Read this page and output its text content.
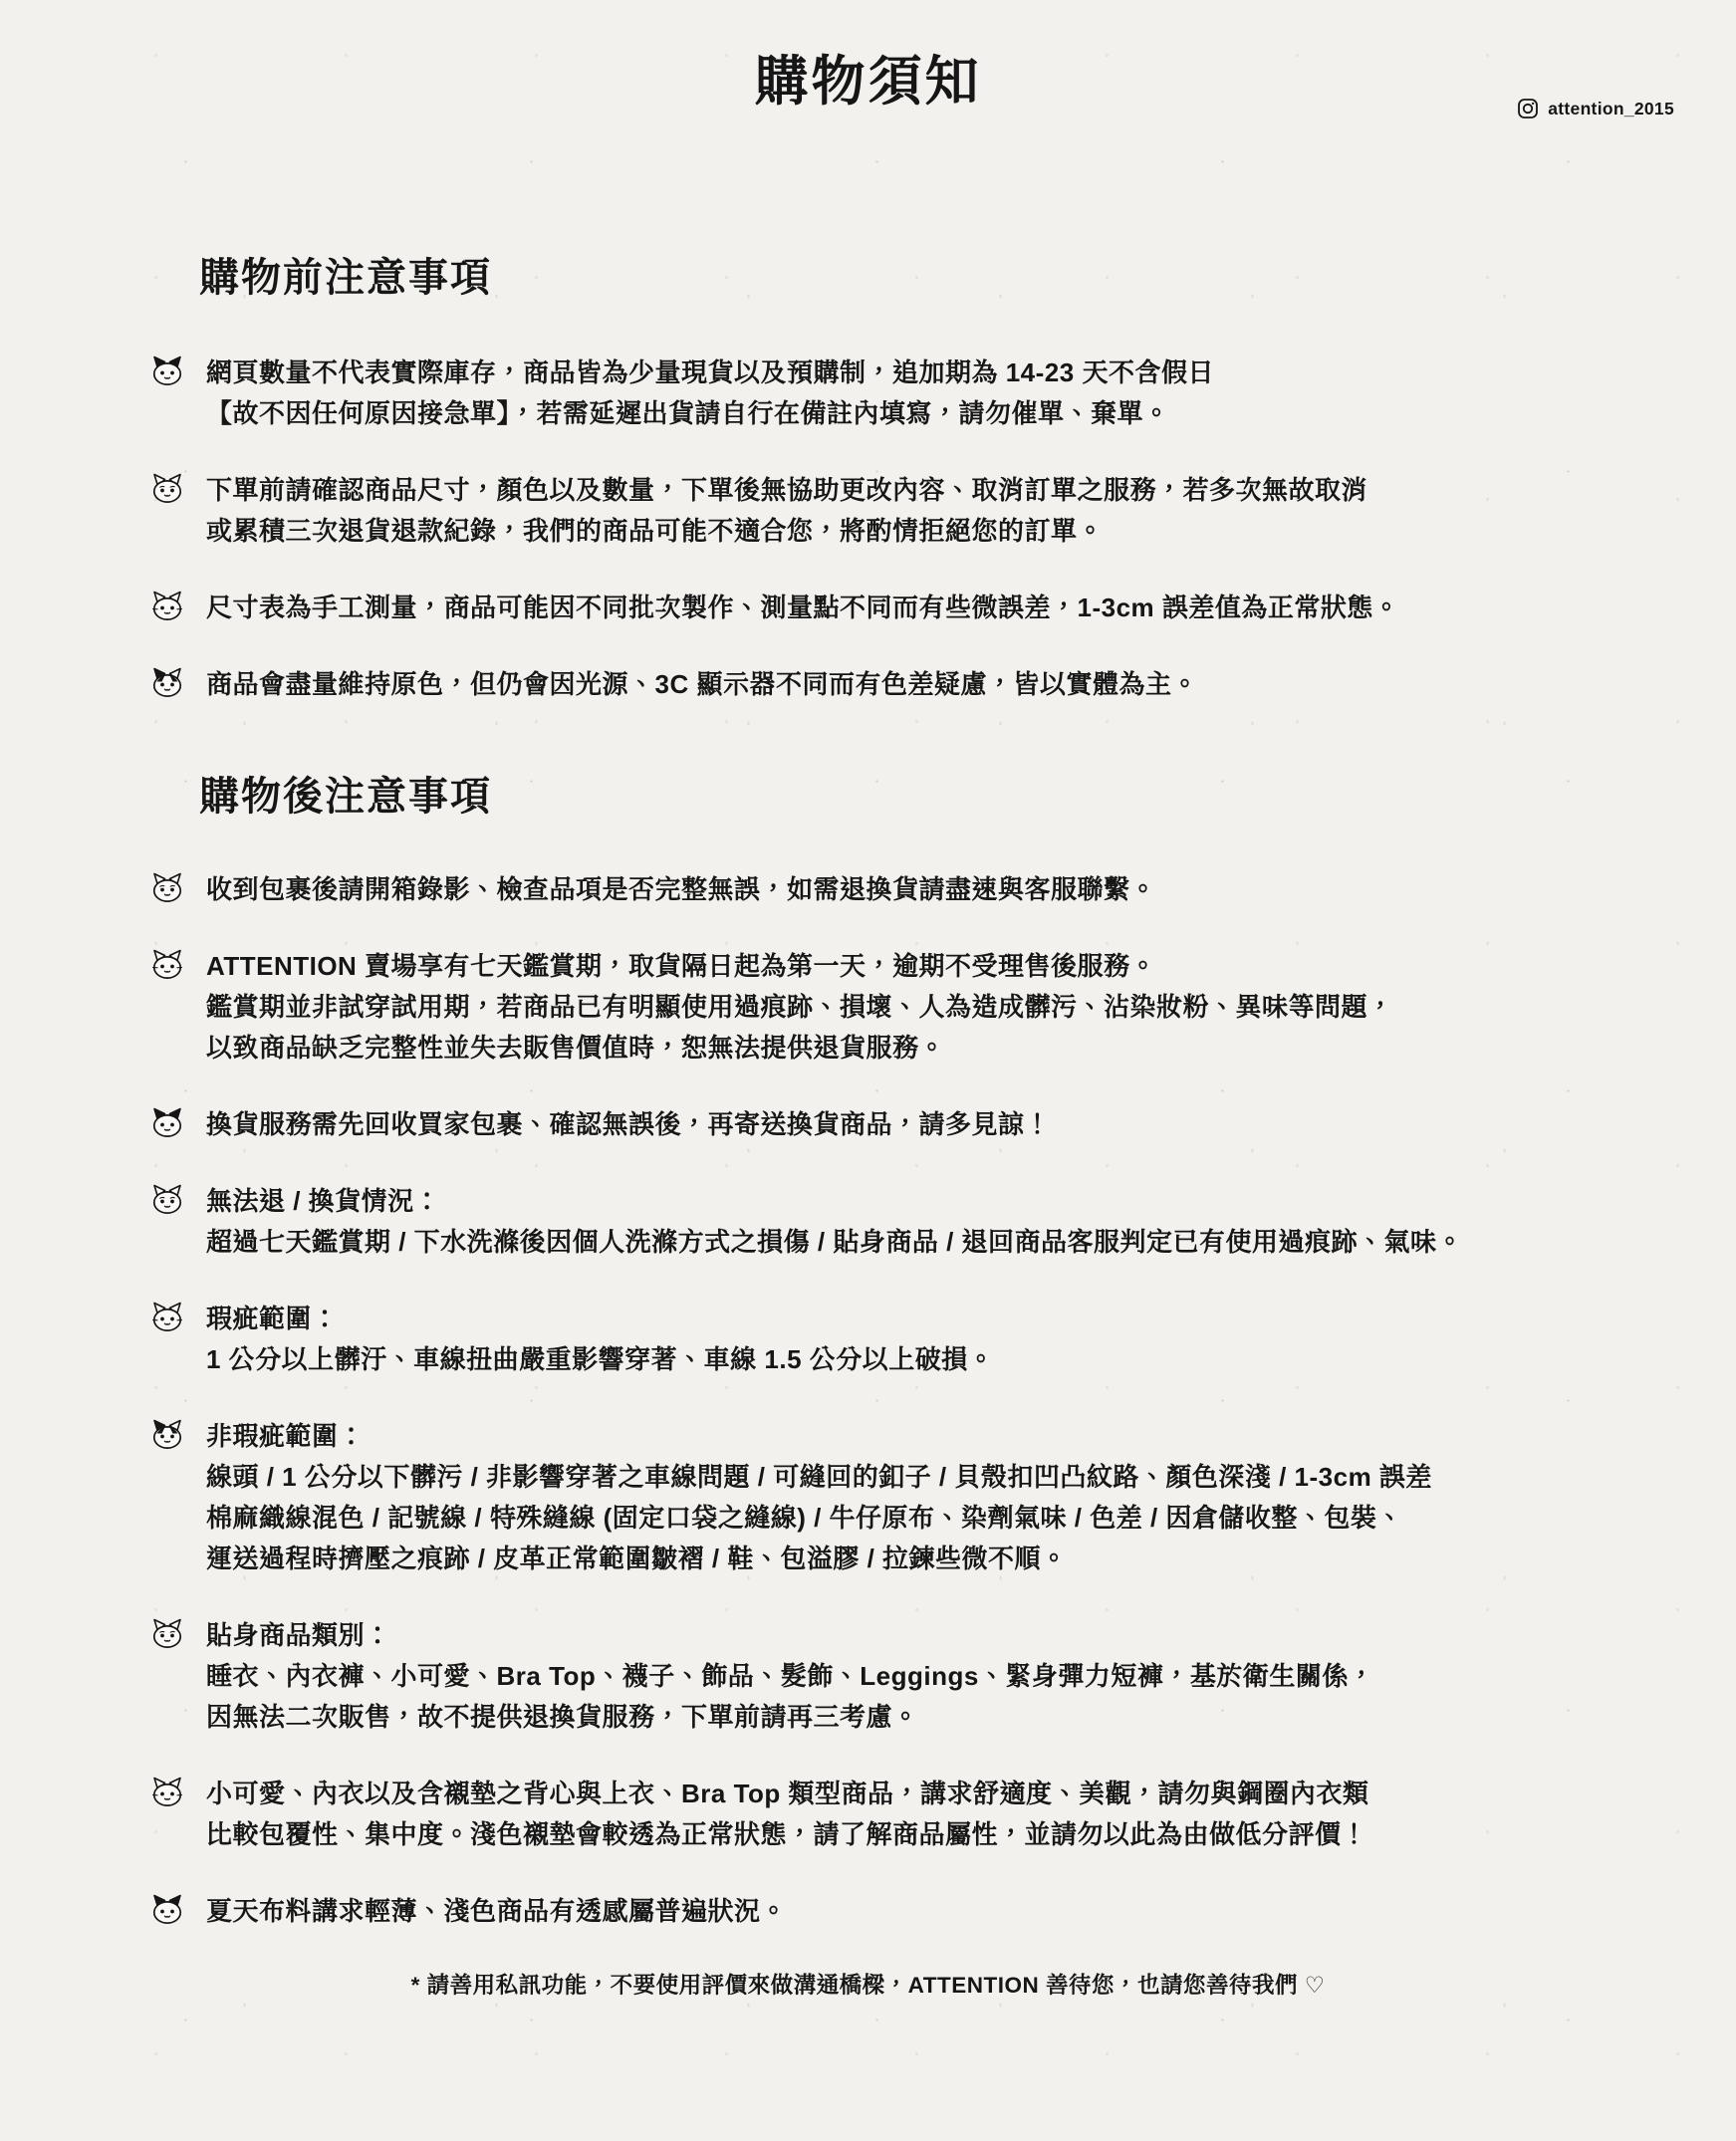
購物須知	attention_2015
購物前注意事項
網頁數量不代表實際庫存，商品皆為少量現貨以及預購制，追加期為 14-23 天不含假日
【故不因任何原因接急單】，若需延遲出貨請自行在備註內填寫，請勿催單、棄單。
下單前請確認商品尺寸，顏色以及數量，下單後無協助更改內容、取消訂單之服務，若多次無故取消
或累積三次退貨退款紀錄，我們的商品可能不適合您，將酌情拒絕您的訂單。
尺寸表為手工測量，商品可能因不同批次製作、測量點不同而有些微誤差，1-3cm 誤差值為正常狀態。
商品會盡量維持原色，但仍會因光源、3C 顯示器不同而有色差疑慮，皆以實體為主。
購物後注意事項
收到包裹後請開箱錄影、檢查品項是否完整無誤，如需退換貨請盡速與客服聯繫。
ATTENTION 賣場享有七天鑑賞期，取貨隔日起為第一天，逾期不受理售後服務。
鑑賞期並非試穿試用期，若商品已有明顯使用過痕跡、損壞、人為造成髒污、沾染妝粉、異味等問題，
以致商品缺乏完整性並失去販售價值時，恕無法提供退貨服務。
換貨服務需先回收買家包裹、確認無誤後，再寄送換貨商品，請多見諒！
無法退 / 換貨情況：
超過七天鑑賞期 / 下水洗滌後因個人洗滌方式之損傷 / 貼身商品 / 退回商品客服判定已有使用過痕跡、氣味。
瑕疵範圍：
1 公分以上髒汙、車線扭曲嚴重影響穿著、車線 1.5 公分以上破損。
非瑕疵範圍：
線頭 / 1 公分以下髒污 / 非影響穿著之車線問題 / 可縫回的釦子 / 貝殼扣凹凸紋路、顏色深淺 / 1-3cm 誤差
棉麻織線混色 / 記號線 / 特殊縫線 (固定口袋之縫線) / 牛仔原布、染劑氣味 / 色差 / 因倉儲收整、包裝、
運送過程時擠壓之痕跡 / 皮革正常範圍皺褶 / 鞋、包溢膠 / 拉鍊些微不順。
貼身商品類別：
睡衣、內衣褲、小可愛、Bra Top、襪子、飾品、髮飾、Leggings、緊身彈力短褲，基於衛生關係，
因無法二次販售，故不提供退換貨服務，下單前請再三考慮。
小可愛、內衣以及含襯墊之背心與上衣、Bra Top 類型商品，講求舒適度、美觀，請勿與鋼圈內衣類
比較包覆性、集中度。淺色襯墊會較透為正常狀態，請了解商品屬性，並請勿以此為由做低分評價！
夏天布料講求輕薄、淺色商品有透感屬普遍狀況。
* 請善用私訊功能，不要使用評價來做溝通橋樑，ATTENTION 善待您，也請您善待我們 ♡
